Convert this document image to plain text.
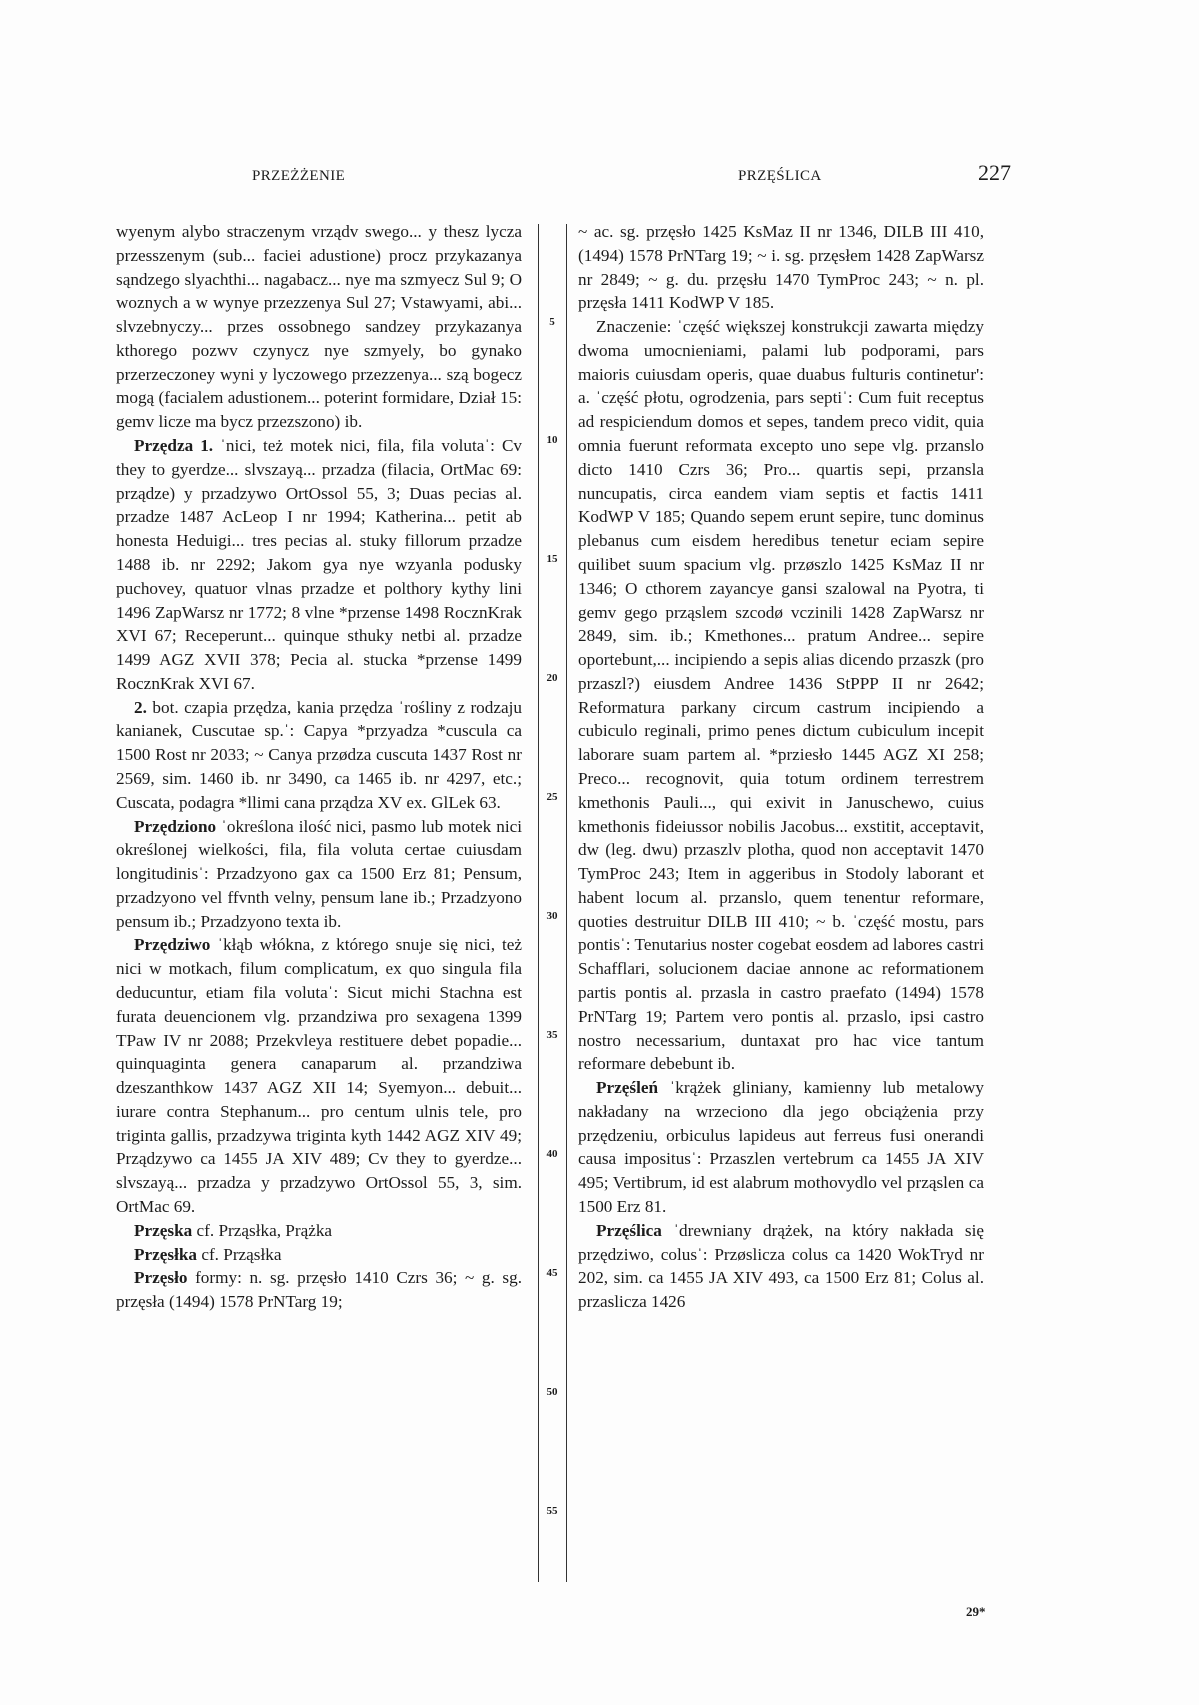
PRZEŻŻENIE	PRZĘŚLICA	227

wyenym alybo straczenym vrządv swego... y thesz lycza przesszenym (sub... faciei adustione) procz przykazanya sąndzego slyachthi... nagabacz... nye ma szmyecz Sul 9; O woznych a w wynye przezzenya Sul 27; Vstawyami, abi... slvzebnyczy... przes ossobnego sandzey przykazanya kthoregο pozwv czynycz nye szmyely, bo gynako przerzeczoney wyni y lyczowego przezzenya... szą bogecz mogą (facialem adustionem... poterint formidare, Dział 15: gemv licze ma bycz przezszono) ib.

Przędza 1. ˈnici, też motek nici, fila, fila volutaˈ: Cv they to gyerdze... slvszayą... przadza (filacia, OrtMac 69: prządze) y przadzywo OrtOssol 55, 3; Duas pecias al. przadze 1487 AcLeop I nr 1994; Katherina... petit ab honesta Heduigi... tres pecias al. stuky fillorum przadze 1488 ib. nr 2292; Jakom gya nye wzyanla podusky puchovey, quatuor vlnas przadze et polthory kythy lini 1496 ZapWarsz nr 1772; 8 vlne *przense 1498 RocznKrak XVI 67; Receperunt... quinque sthuky netbi al. przadze 1499 AGZ XVII 378; Pecia al. stucka *przense 1499 RocznKrak XVI 67.

2. bot. czapia przędza, kania przędza ˈrośliny z rodzaju kanianek, Cuscutae sp.ˈ: Capya *przyadza *cuscula ca 1500 Rost nr 2033; ~ Canya przødza cuscuta 1437 Rost nr 2569, sim. 1460 ib. nr 3490, ca 1465 ib. nr 4297, etc.; Cuscata, podagra *llimi cana prządza XV ex. GlLek 63.

Przędziono ˈokreślona ilość nici, pasmo lub motek nici określonej wielkości, fila, fila voluta certae cuiusdam longitudinisˈ: Przadzyono gax ca 1500 Erz 81; Pensum, przadzyono vel ffvnth velny, pensum lane ib.; Przadzyono pensum ib.; Przadzyono texta ib.

Przędziwo ˈkłąb włókna, z którego snuje się nici, też nici w motkach, filum complicatum, ex quo singula fila deducuntur, etiam fila volutaˈ: Sicut michi Stachna est furata deuencionem vlg. przandziwa pro sexagena 1399 TPaw IV nr 2088; Przekvleya restituere debet popadie... quinquaginta genera canaparum al. przandziwa dzeszanthkow 1437 AGZ XII 14; Syemyon... debuit... iurare contra Stephanum... pro centum ulnis tele, pro triginta gallis, przadzywa triginta kyth 1442 AGZ XIV 49; Prządzywo ca 1455 JA XIV 489; Cv they to gyerdze... slvszayą... przadza y przadzywo OrtOssol 55, 3, sim. OrtMac 69.

Przęska cf. Prząsłka, Prążka

Przęsłka cf. Prząsłka

Przęsło formy: n. sg. przęsło 1410 Czrs 36; ~ g. sg. przęsła (1494) 1578 PrNTarg 19;

5
10
15
20
25
30
35
40
45
50
55

~ ac. sg. przęsło 1425 KsMaz II nr 1346, DILB III 410, (1494) 1578 PrNTarg 19; ~ i. sg. przęsłem 1428 ZapWarsz nr 2849; ~ g. du. przęsłu 1470 TymProc 243; ~ n. pl. przęsła 1411 KodWP V 185.

Znaczenie: ˈczęść większej konstrukcji zawarta między dwoma umocnieniami, palami lub podporami, pars maioris cuiusdam operis, quae duabus fulturis continetur': a. ˈczęść płotu, ogrodzenia, pars septiˈ: Cum fuit receptus ad respiciendum domos et sepes, tandem preco vidit, quia omnia fuerunt reformata excepto uno sepe vlg. przanslo dicto 1410 Czrs 36; Pro... quartis sepi, przansla nuncupatis, circa eandem viam septis et factis 1411 KodWP V 185; Quando sepem erunt sepire, tunc dominus plebanus cum eisdem heredibus tenetur eciam sepire quilibet suum spacium vlg. przøszlo 1425 KsMaz II nr 1346; O cthorem zayancye gansi szalowal na Pyotra, ti gemv gego prząslem szcodø vczinili 1428 ZapWarsz nr 2849, sim. ib.; Kmethones... pratum Andree... sepire oportebunt,... incipiendo a sepis alias dicendo przaszk (pro przaszl?) eiusdem Andree 1436 StPPP II nr 2642; Reformatura parkany circum castrum incipiendo a cubiculo reginali, primo penes dictum cubiculum incepit laborare suam partem al. *prziesło 1445 AGZ XI 258; Preco... recognovit, quia totum ordinem terrestrem kmethonis Pauli..., qui exivit in Januschewo, cuius kmethonis fideiussor nobilis Jacobus... exstitit, acceptavit, dw (leg. dwu) przaszlv plotha, quod non acceptavit 1470 TymProc 243; Item in aggeribus in Stodoly laborant et habent locum al. przanslo, quem tenentur reformare, quoties destruitur DILB III 410; ~ b. ˈczęść mostu, pars pontisˈ: Tenutarius noster cogebat eosdem ad labores castri Schafflari, solucionem daciae annone ac reformationem partis pontis al. przasla in castro praefato (1494) 1578 PrNTarg 19; Partem vero pontis al. przaslo, ipsi castro nostro necessarium, duntaxat pro hac vice tantum reformare debebunt ib.

Przęśleń ˈkrążek gliniany, kamienny lub metalowy nakładany na wrzeciono dla jego obciążenia przy przędzeniu, orbiculus lapideus aut ferreus fusi onerandi causa impositusˈ: Przaszlen vertebrum ca 1455 JA XIV 495; Vertibrum, id est alabrum mothovydlo vel prząslen ca 1500 Erz 81.

Przęślica ˈdrewniany drążek, na który nakłada się przędziwo, colusˈ: Przøslicza colus ca 1420 WokTryd nr 202, sim. ca 1455 JA XIV 493, ca 1500 Erz 81; Colus al. przaslicza 1426

29*
